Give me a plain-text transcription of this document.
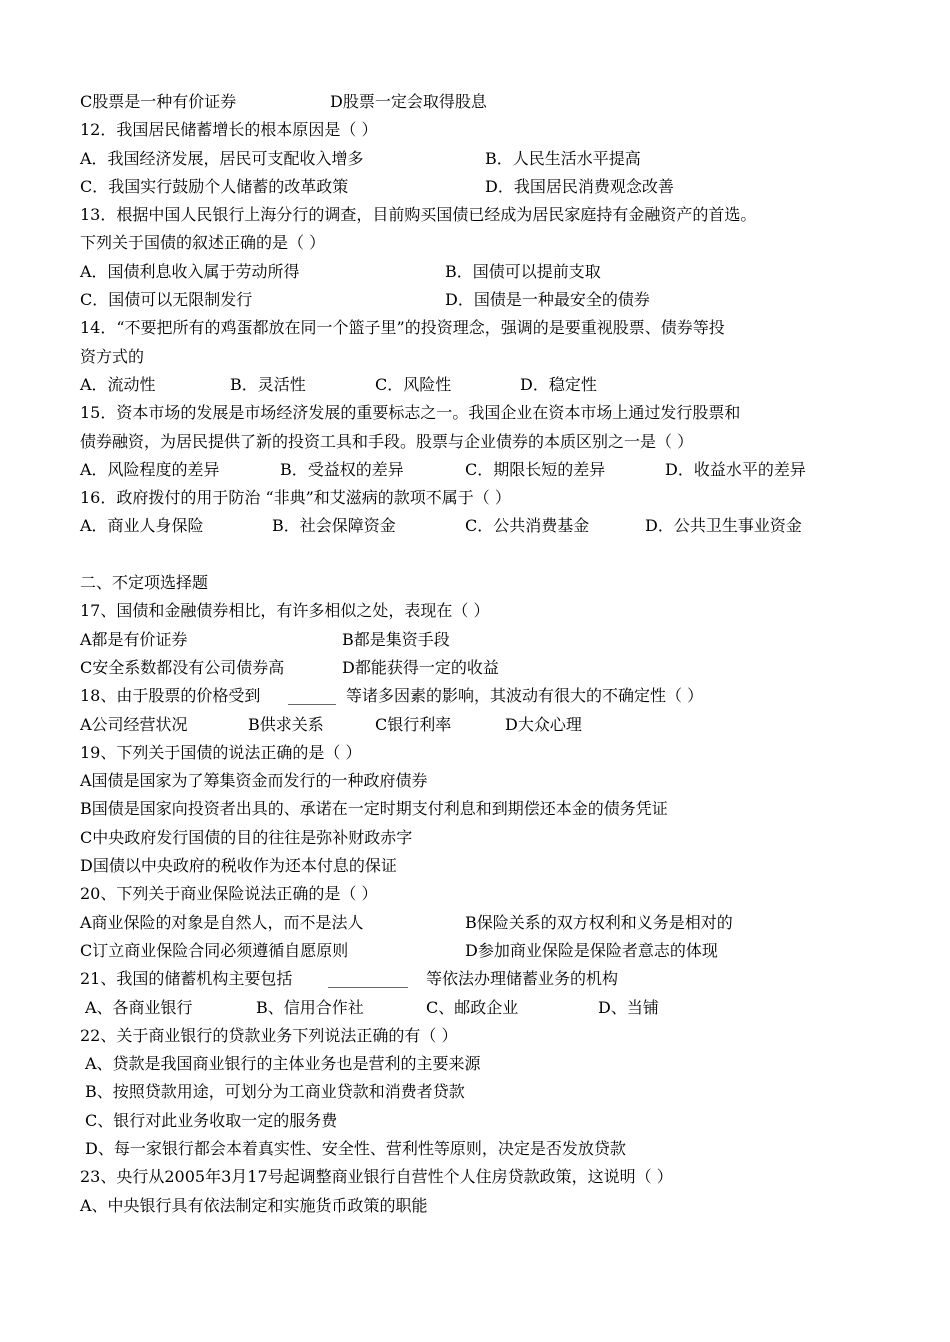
C股票是一种有价证券	D股票一定会取得股息
12．我国居民储蓄增长的根本原因是（ ）
A．我国经济发展，居民可支配收入增多	B．人民生活水平提高
C．我国实行鼓励个人储蓄的改革政策	D．我国居民消费观念改善
13．根据中国人民银行上海分行的调查，目前购买国债已经成为居民家庭持有金融资产的首选。
下列关于国债的叙述正确的是（ ）
A．国债利息收入属于劳动所得	B．国债可以提前支取
C．国债可以无限制发行	D．国债是一种最安全的债券
14．“不要把所有的鸡蛋都放在同一个篮子里”的投资理念，强调的是要重视股票、债券等投
资方式的
A．流动性	B．灵活性	C．风险性	D．稳定性
15．资本市场的发展是市场经济发展的重要标志之一。我国企业在资本市场上通过发行股票和
债券融资，为居民提供了新的投资工具和手段。股票与企业债券的本质区别之一是（ ）
A．风险程度的差异	B．受益权的差异	C．期限长短的差异	D．收益水平的差异
16．政府拨付的用于防治 “非典”和艾滋病的款项不属于（ ）
A．商业人身保险	B．社会保障资金	C．公共消费基金	D．公共卫生事业资金
二、不定项选择题
17、国债和金融债券相比，有许多相似之处，表现在（ ）
A都是有价证券	B都是集资手段
C安全系数都没有公司债券高	D都能获得一定的收益
18、由于股票的价格受到 ______ 等诸多因素的影响，其波动有很大的不确定性（ ）
A公司经营状况	B供求关系	C银行利率	D大众心理
19、下列关于国债的说法正确的是（ ）
A国债是国家为了筹集资金而发行的一种政府债券
B国债是国家向投资者出具的、承诺在一定时期支付利息和到期偿还本金的债务凭证
C中央政府发行国债的目的往往是弥补财政赤字
D国债以中央政府的税收作为还本付息的保证
20、下列关于商业保险说法正确的是（ ）
A商业保险的对象是自然人，而不是法人	B保险关系的双方权利和义务是相对的
C订立商业保险合同必须遵循自愿原则	D参加商业保险是保险者意志的体现
21、我国的储蓄机构主要包括 __________ 等依法办理储蓄业务的机构
A、各商业银行	B、信用合作社	C、邮政企业	D、当铺
22、关于商业银行的贷款业务下列说法正确的有（ ）
A、贷款是我国商业银行的主体业务也是营利的主要来源
B、按照贷款用途，可划分为工商业贷款和消费者贷款
C、银行对此业务收取一定的服务费
D、每一家银行都会本着真实性、安全性、营利性等原则，决定是否发放贷款
23、央行从2005年3月17号起调整商业银行自营性个人住房贷款政策，这说明（ ）
A、中央银行具有依法制定和实施货币政策的职能
